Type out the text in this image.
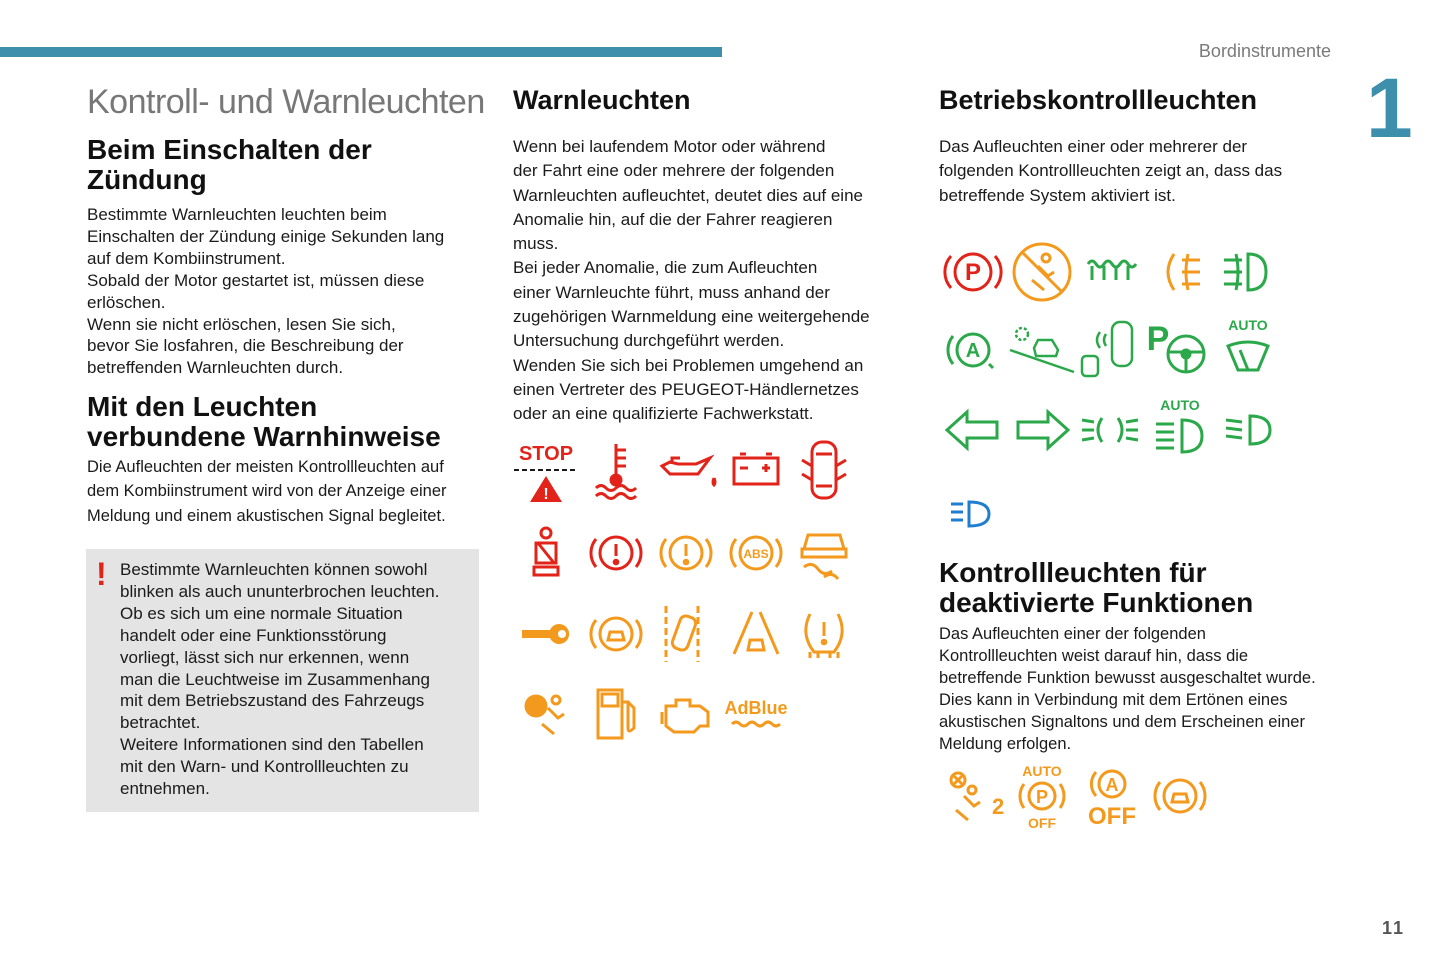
Bordinstrumente
1
11
Kontroll- und Warnleuchten
Beim Einschalten der
Zündung
Bestimmte Warnleuchten leuchten beim
Einschalten der Zündung einige Sekunden lang
auf dem Kombiinstrument.
Sobald der Motor gestartet ist, müssen diese
erlöschen.
Wenn sie nicht erlöschen, lesen Sie sich,
bevor Sie losfahren, die Beschreibung der
betreffenden Warnleuchten durch.
Mit den Leuchten
verbundene Warnhinweise
Die Aufleuchten der meisten Kontrollleuchten auf
dem Kombiinstrument wird von der Anzeige einer
Meldung und einem akustischen Signal begleitet.
! Bestimmte Warnleuchten können sowohl
blinken als auch ununterbrochen leuchten.
Ob es sich um eine normale Situation
handelt oder eine Funktionsstörung
vorliegt, lässt sich nur erkennen, wenn
man die Leuchtweise im Zusammenhang
mit dem Betriebszustand des Fahrzeugs
betrachtet.
Weitere Informationen sind den Tabellen
mit den Warn- und Kontrollleuchten zu
entnehmen.
Warnleuchten
Wenn bei laufendem Motor oder während
der Fahrt eine oder mehrere der folgenden
Warnleuchten aufleuchtet, deutet dies auf eine
Anomalie hin, auf die der Fahrer reagieren
muss.
Bei jeder Anomalie, die zum Aufleuchten
einer Warnleuchte führt, muss anhand der
zugehörigen Warnmeldung eine weitergehende
Untersuchung durchgeführt werden.
Wenden Sie sich bei Problemen umgehend an
einen Vertreter des PEUGEOT-Händlernetzes
oder an eine qualifizierte Fachwerkstatt.
STOP
!
ABS
AdBlue
Betriebskontrollleuchten
Das Aufleuchten einer oder mehrerer der
folgenden Kontrollleuchten zeigt an, dass das
betreffende System aktiviert ist.
P
A	P	AUTO
AUTO
Kontrollleuchten für
deaktivierte Funktionen
Das Aufleuchten einer der folgenden
Kontrollleuchten weist darauf hin, dass die
betreffende Funktion bewusst ausgeschaltet wurde.
Dies kann in Verbindung mit dem Ertönen eines
akustischen Signaltons und dem Erscheinen einer
Meldung erfolgen.
2
AUTO
P
OFF
A
OFF
